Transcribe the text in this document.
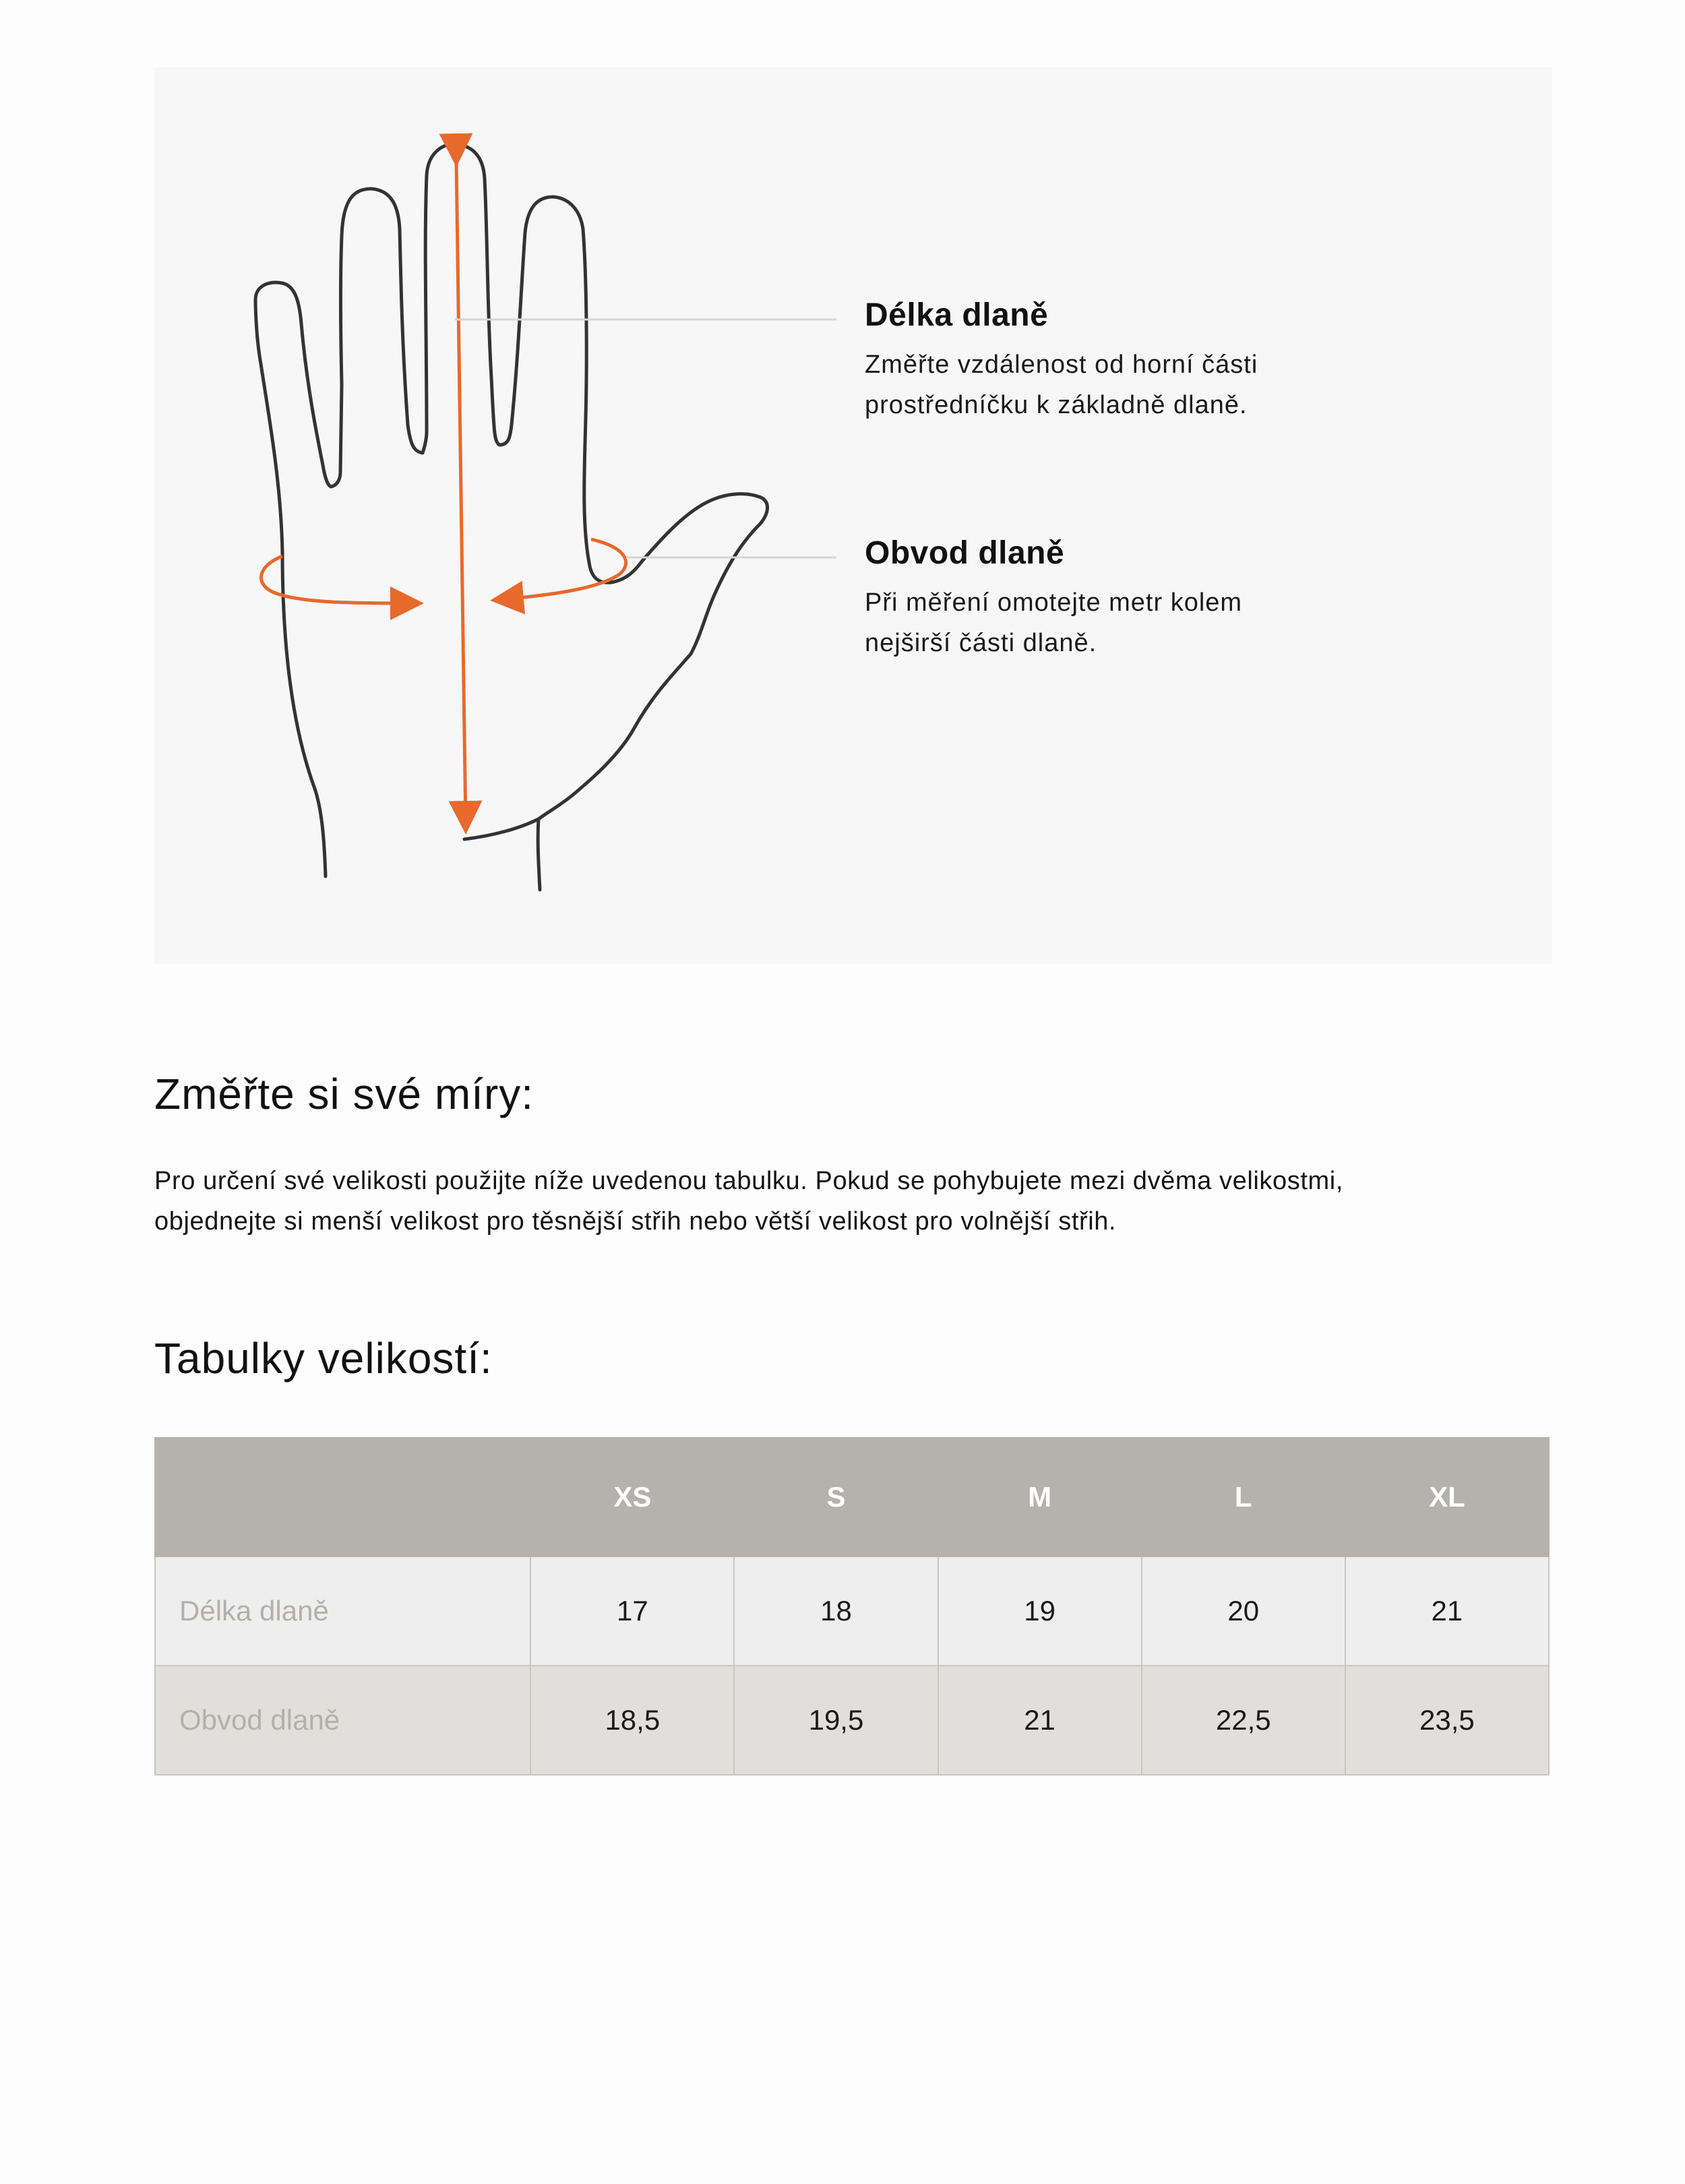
Délka dlaně

Změřte vzdálenost od horní části
prostředníčku k základně dlaně.

Obvod dlaně

Při měření omotejte metr kolem
nejširší části dlaně.

Změřte si své míry:

Pro určení své velikosti použijte níže uvedenou tabulku. Pokud se pohybujete mezi dvěma velikostmi,
objednejte si menší velikost pro těsnější střih nebo větší velikost pro volnější střih.

Tabulky velikostí:
	XS	S	M	L	XL
Délka dlaně	17	18	19	20	21
Obvod dlaně	18,5	19,5	21	22,5	23,5
